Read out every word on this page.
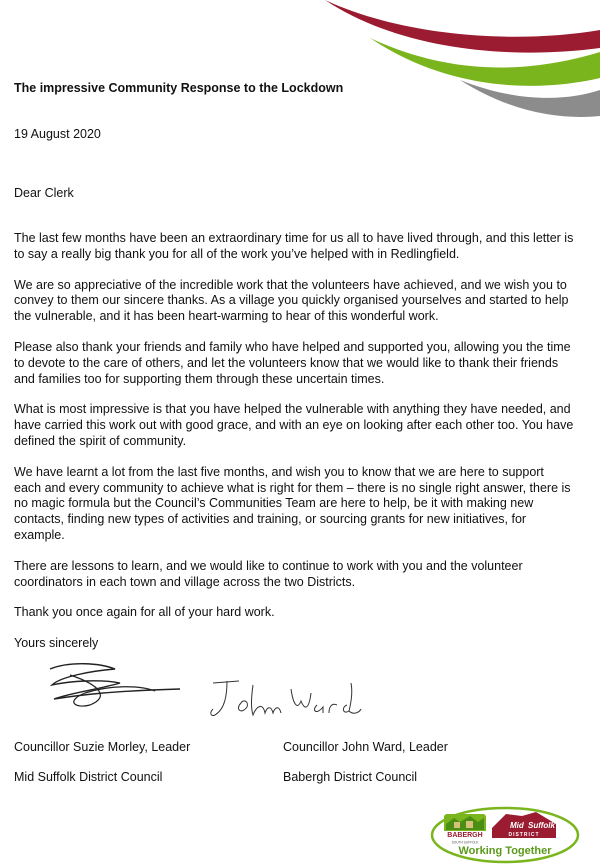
The impressive Community Response to the Lockdown
19 August 2020
Dear Clerk

The last few months have been an extraordinary time for us all to have lived through, and this letter is to say a really big thank you for all of the work you’ve helped with in Redlingfield.

We are so appreciative of the incredible work that the volunteers have achieved, and we wish you to convey to them our sincere thanks. As a village you quickly organised yourselves and started to help the vulnerable, and it has been heart-warming to hear of this wonderful work.

Please also thank your friends and family who have helped and supported you, allowing you the time to devote to the care of others, and let the volunteers know that we would like to thank their friends and families too for supporting them through these uncertain times.

What is most impressive is that you have helped the vulnerable with anything they have needed, and have carried this work out with good grace, and with an eye on looking after each other too. You have defined the spirit of community.

We have learnt a lot from the last five months, and wish you to know that we are here to support each and every community to achieve what is right for them – there is no single right answer, there is no magic formula but the Council’s Communities Team are here to help, be it with making new contacts, finding new types of activities and training, or sourcing grants for new initiatives, for example.

There are lessons to learn, and we would like to continue to work with you and the volunteer coordinators in each town and village across the two Districts.

Thank you once again for all of your hard work.

Yours sincerely

Councillor Suzie Morley, Leader	Councillor John Ward, Leader
Mid Suffolk District Council	Babergh District Council
BABERGH
SOUTH SUFFOLK
Mid Suffolk
DISTRICT
Working Together
